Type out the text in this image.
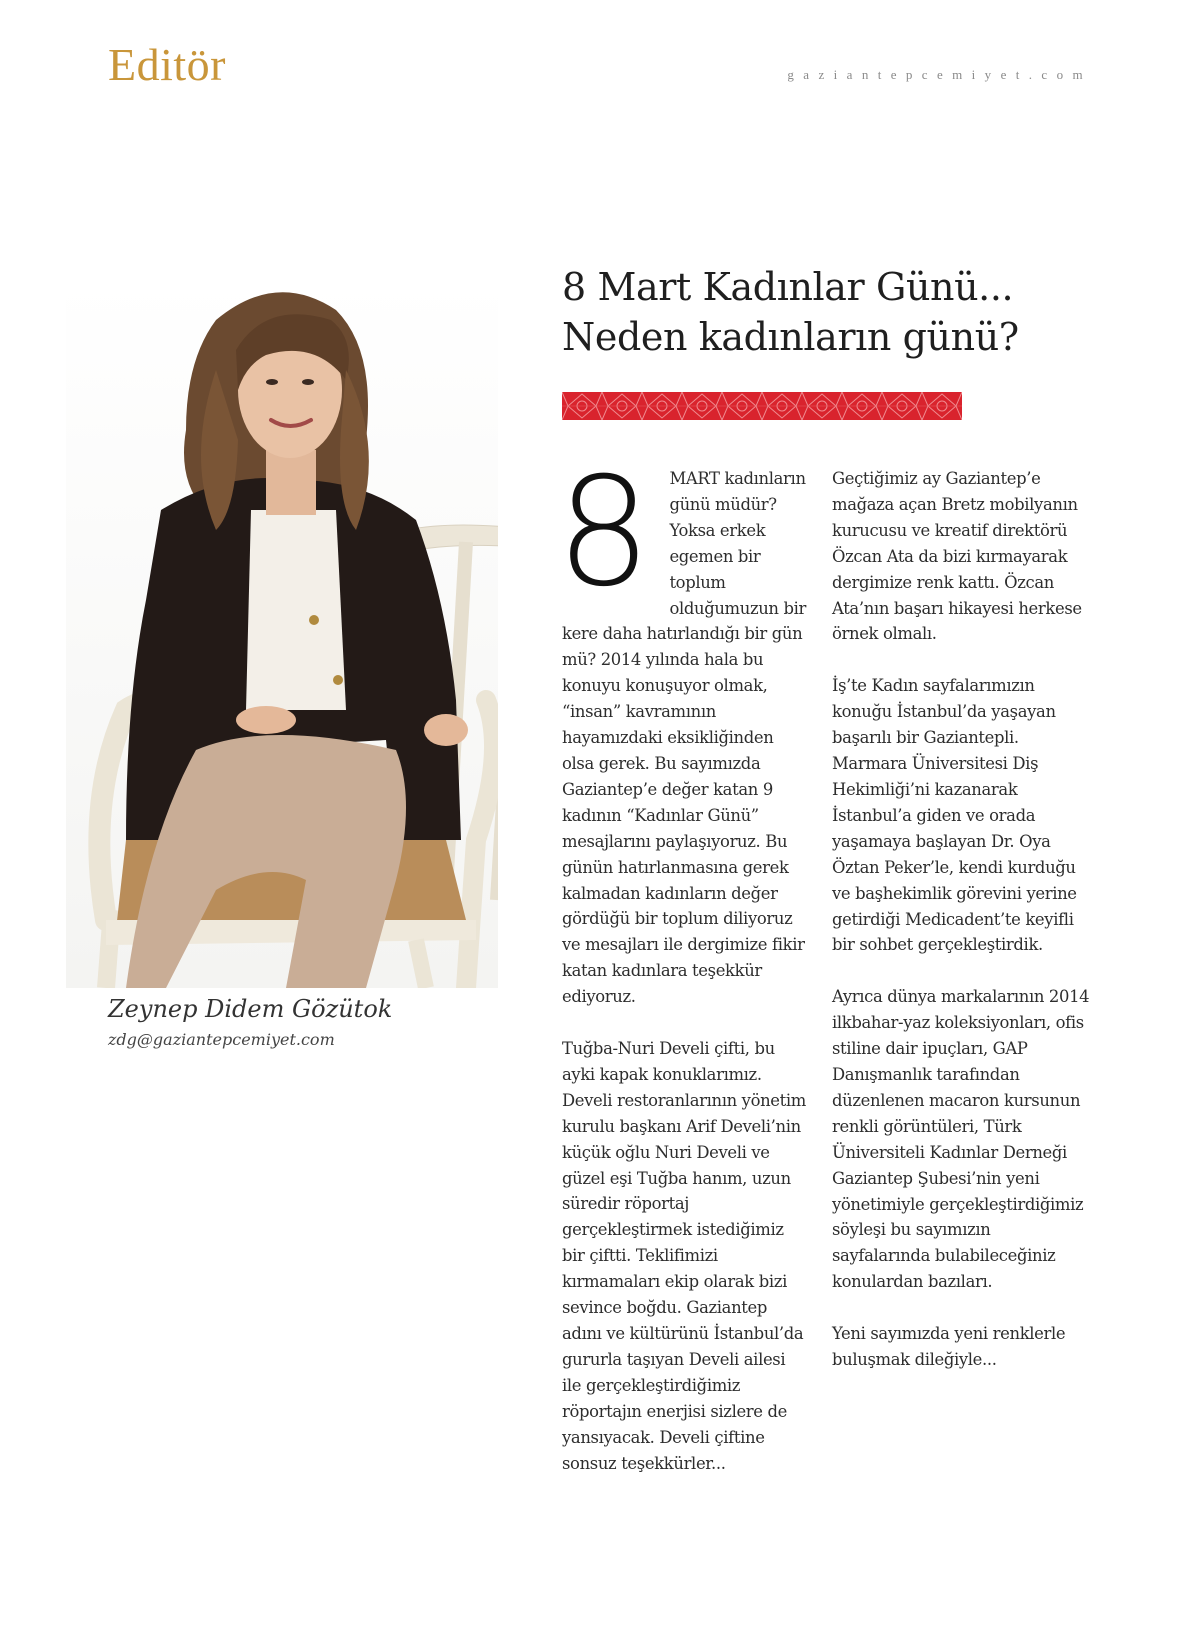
Editör	gaziantepcemiyet.com
Zeynep Didem Gözütok
zdg@gaziantepcemiyet.com
8 Mart Kadınlar Günü...
Neden kadınların günü?

8 MART kadınların günü müdür? Yoksa erkek egemen bir toplum olduğumuzun bir kere daha hatırlandığı bir gün mü? 2014 yılında hala bu konuyu konuşuyor olmak, “insan” kavramının hayamızdaki eksikliğinden olsa gerek. Bu sayımızda Gaziantep’e değer katan 9 kadının “Kadınlar Günü” mesajlarını paylaşıyoruz. Bu günün hatırlanmasına gerek kalmadan kadınların değer gördüğü bir toplum diliyoruz ve mesajları ile dergimize fikir katan kadınlara teşekkür ediyoruz.

Tuğba-Nuri Develi çifti, bu ayki kapak konuklarımız. Develi restoranlarının yönetim kurulu başkanı Arif Develi’nin küçük oğlu Nuri Develi ve güzel eşi Tuğba hanım, uzun süredir röportaj gerçekleştirmek istediğimiz bir çiftti. Teklifimizi kırmamaları ekip olarak bizi sevince boğdu. Gaziantep adını ve kültürünü İstanbul’da gururla taşıyan Develi ailesi ile gerçekleştirdiğimiz röportajın enerjisi sizlere de yansıyacak. Develi çiftine sonsuz teşekkürler...

Geçtiğimiz ay Gaziantep’e mağaza açan Bretz mobilyanın kurucusu ve kreatif direktörü Özcan Ata da bizi kırmayarak dergimize renk kattı. Özcan Ata’nın başarı hikayesi herkese örnek olmalı.

İş’te Kadın sayfalarımızın konuğu İstanbul’da yaşayan başarılı bir Gaziantepli. Marmara Üniversitesi Diş Hekimliği’ni kazanarak İstanbul’a giden ve orada yaşamaya başlayan Dr. Oya Öztan Peker’le, kendi kurduğu ve başhekimlik görevini yerine getirdiği Medicadent’te keyifli bir sohbet gerçekleştirdik.

Ayrıca dünya markalarının 2014 ilkbahar-yaz koleksiyonları, ofis stiline dair ipuçları, GAP Danışmanlık tarafından düzenlenen macaron kursunun renkli görüntüleri, Türk Üniversiteli Kadınlar Derneği Gaziantep Şubesi’nin yeni yönetimiyle gerçekleştirdiğimiz söyleşi bu sayımızın sayfalarında bulabileceğiniz konulardan bazıları.

Yeni sayımızda yeni renklerle buluşmak dileğiyle...
